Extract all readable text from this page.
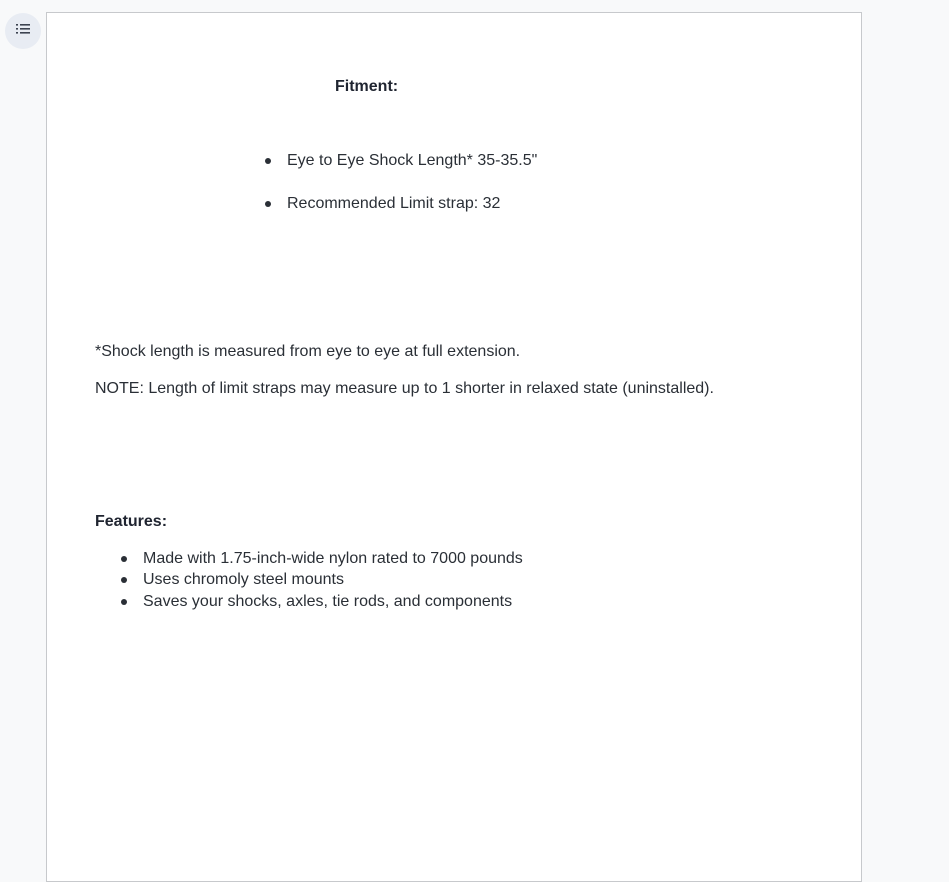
Fitment:
Eye to Eye Shock Length* 35-35.5"
Recommended Limit strap: 32
*Shock length is measured from eye to eye at full extension.
NOTE: Length of limit straps may measure up to 1 shorter in relaxed state (uninstalled).
Features:
Made with 1.75-inch-wide nylon rated to 7000 pounds
Uses chromoly steel mounts
Saves your shocks, axles, tie rods, and components
